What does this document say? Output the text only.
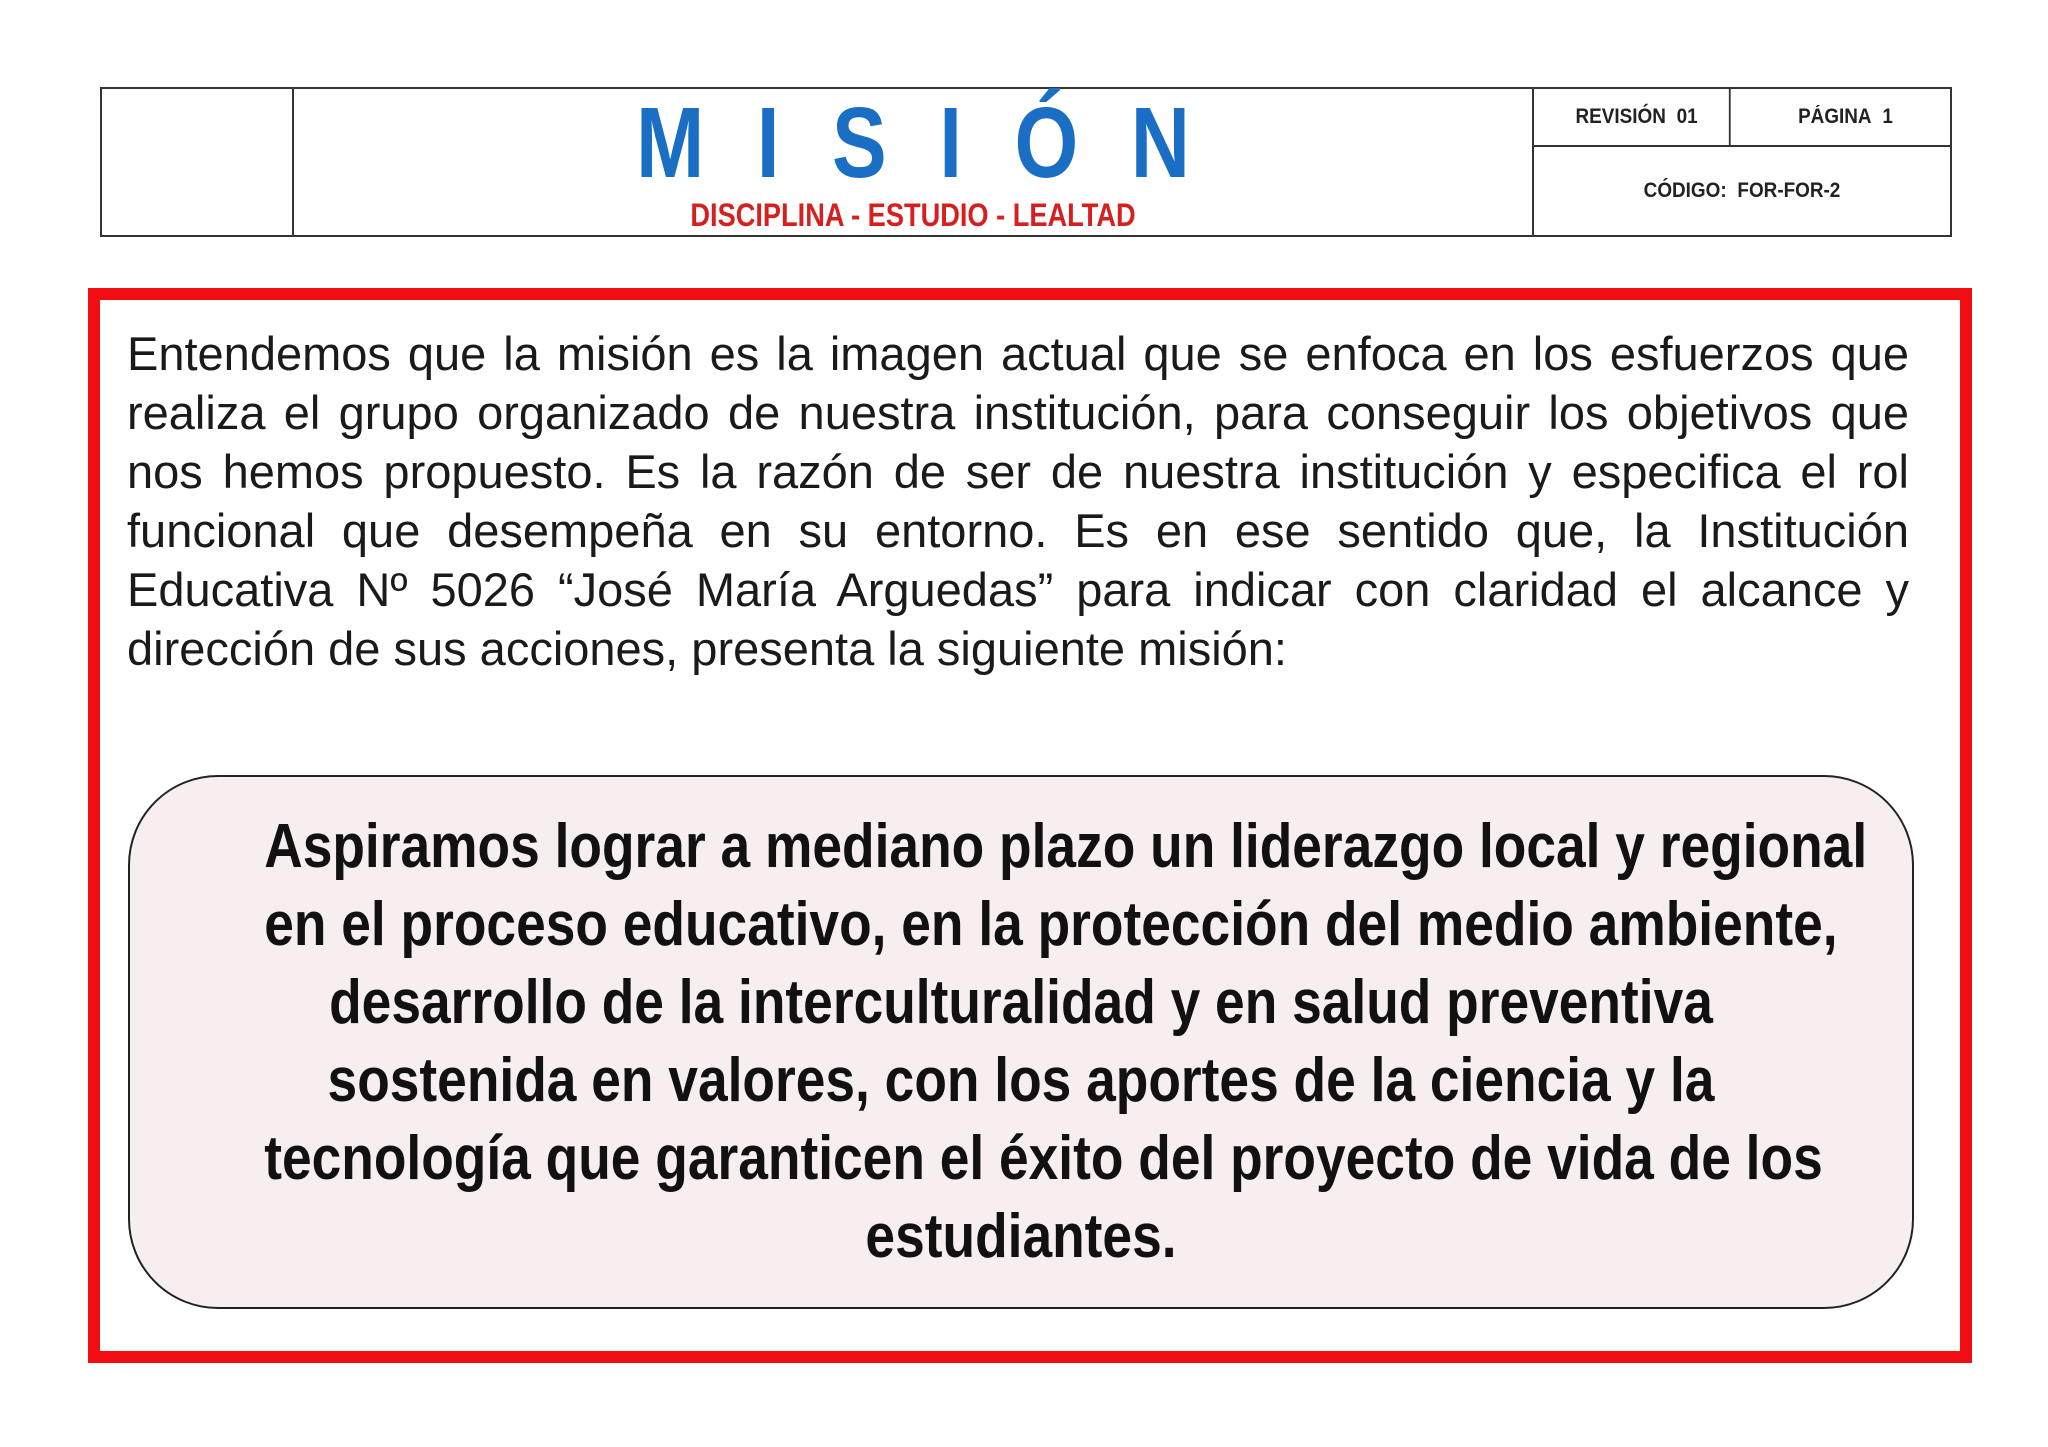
MISIÓN
DISCIPLINA - ESTUDIO - LEALTAD
REVISIÓN 01	PÁGINA 1
CÓDIGO: FOR-FOR-2

Entendemos que la misión es la imagen actual que se enfoca en los esfuerzos que realiza el grupo organizado de nuestra institución, para conseguir los objetivos que nos hemos propuesto. Es la razón de ser de nuestra institución y especifica el rol funcional que desempeña en su entorno. Es en ese sentido que, la Institución Educativa Nº 5026 “José María Arguedas” para indicar con claridad el alcance y dirección de sus acciones, presenta la siguiente misión:

Aspiramos lograr a mediano plazo un liderazgo local y regional
en el proceso educativo, en la protección del medio ambiente,
desarrollo de la interculturalidad y en salud preventiva
sostenida en valores, con los aportes de la ciencia y la
tecnología que garanticen el éxito del proyecto de vida de los
estudiantes.
